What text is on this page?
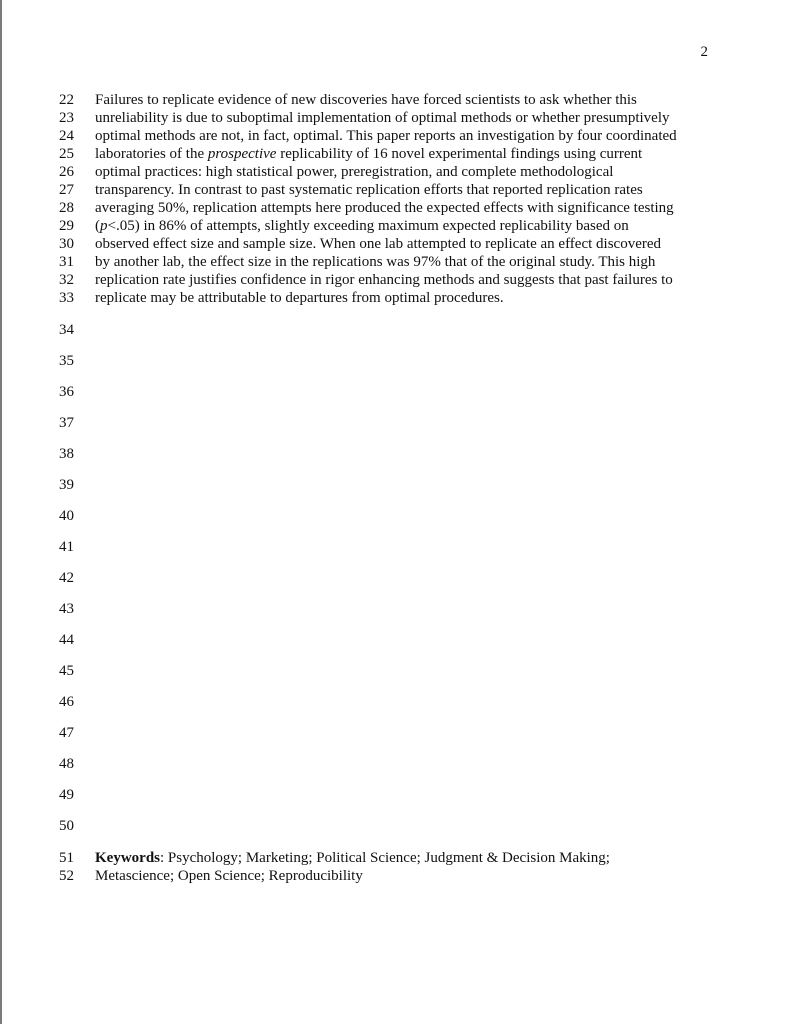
2
22 Failures to replicate evidence of new discoveries have forced scientists to ask whether this
23 unreliability is due to suboptimal implementation of optimal methods or whether presumptively
24 optimal methods are not, in fact, optimal. This paper reports an investigation by four coordinated
25 laboratories of the prospective replicability of 16 novel experimental findings using current
26 optimal practices: high statistical power, preregistration, and complete methodological
27 transparency. In contrast to past systematic replication efforts that reported replication rates
28 averaging 50%, replication attempts here produced the expected effects with significance testing
29 (p<.05) in 86% of attempts, slightly exceeding maximum expected replicability based on
30 observed effect size and sample size. When one lab attempted to replicate an effect discovered
31 by another lab, the effect size in the replications was 97% that of the original study. This high
32 replication rate justifies confidence in rigor enhancing methods and suggests that past failures to
33 replicate may be attributable to departures from optimal procedures.
34
35
36
37
38
39
40
41
42
43
44
45
46
47
48
49
50
51 Keywords: Psychology; Marketing; Political Science; Judgment & Decision Making;
52 Metascience; Open Science; Reproducibility
